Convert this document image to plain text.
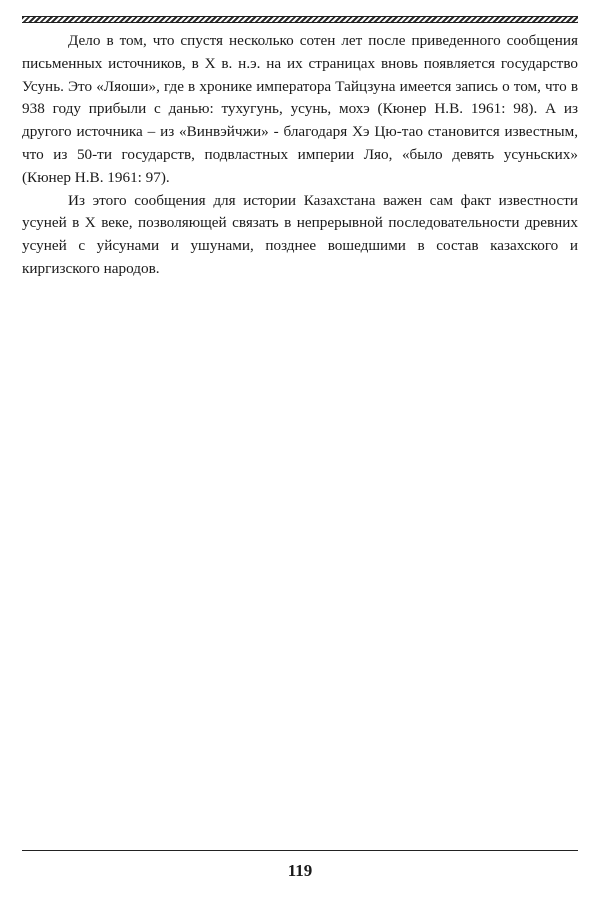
Дело в том, что спустя несколько сотен лет после приведенного сообщения письменных источников, в X в. н.э. на их страницах вновь появляется государство Усунь. Это «Ляоши», где в хронике императора Тайцзуна имеется запись о том, что в 938 году прибыли с данью: тухугунь, усунь, мохэ (Кюнер Н.В. 1961: 98). А из другого источника – из «Винвэйчжи» - благодаря Хэ Цю-тао становится известным, что из 50-ти государств, подвластных империи Ляо, «было девять усуньских» (Кюнер Н.В. 1961: 97).

Из этого сообщения для истории Казахстана важен сам факт известности усуней в X веке, позволяющей связать в непрерывной последовательности древних усуней с уйсунами и ушунами, позднее вошедшими в состав казахского и киргизского народов.

119
